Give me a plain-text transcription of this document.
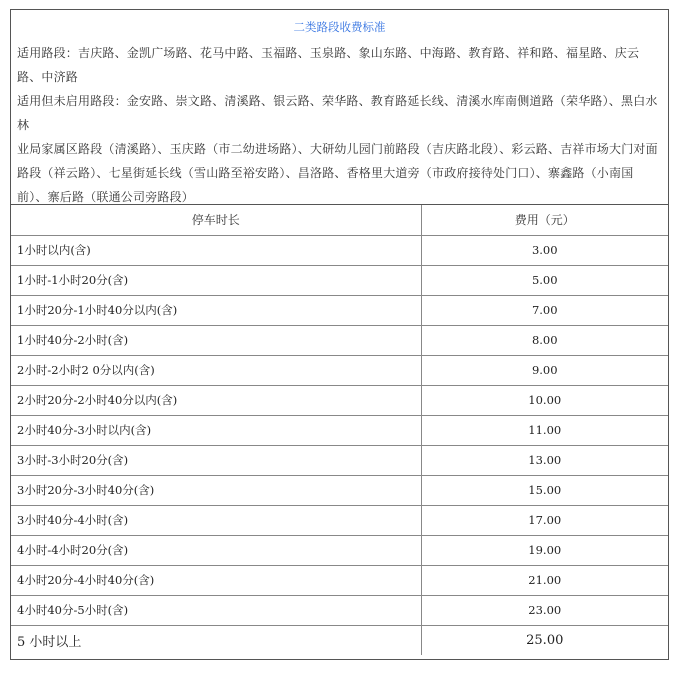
二类路段收费标准

适用路段：吉庆路、金凯广场路、花马中路、玉福路、玉泉路、象山东路、中海路、教育路、祥和路、福星路、庆云路、中济路

适用但未启用路段：金安路、崇文路、清溪路、银云路、荣华路、教育路延长线、清溪水库南侧道路（荣华路）、黑白水林

业局家属区路段（清溪路）、玉庆路（市二幼进场路）、大研幼儿园门前路段（吉庆路北段）、彩云路、吉祥市场大门对面

路段（祥云路）、七星街延长线（雪山路至裕安路）、昌洛路、香格里大道旁（市政府接待处门口）、寨鑫路（小南国

前）、寨后路（联通公司旁路段）

停车时长	费用（元）
1小时以内(含)	3.00
1小时-1小时20分(含)	5.00
1小时20分-1小时40分以内(含)	7.00
1小时40分-2小时(含)	8.00
2小时-2小时2 0分以内(含)	9.00
2小时20分-2小时40分以内(含)	10.00
2小时40分-3小时以内(含)	11.00
3小时-3小时20分(含)	13.00
3小时20分-3小时40分(含)	15.00
3小时40分-4小时(含)	17.00
4小时-4小时20分(含)	19.00
4小时20分-4小时40分(含)	21.00
4小时40分-5小时(含)	23.00
5 小时以上	25.00
